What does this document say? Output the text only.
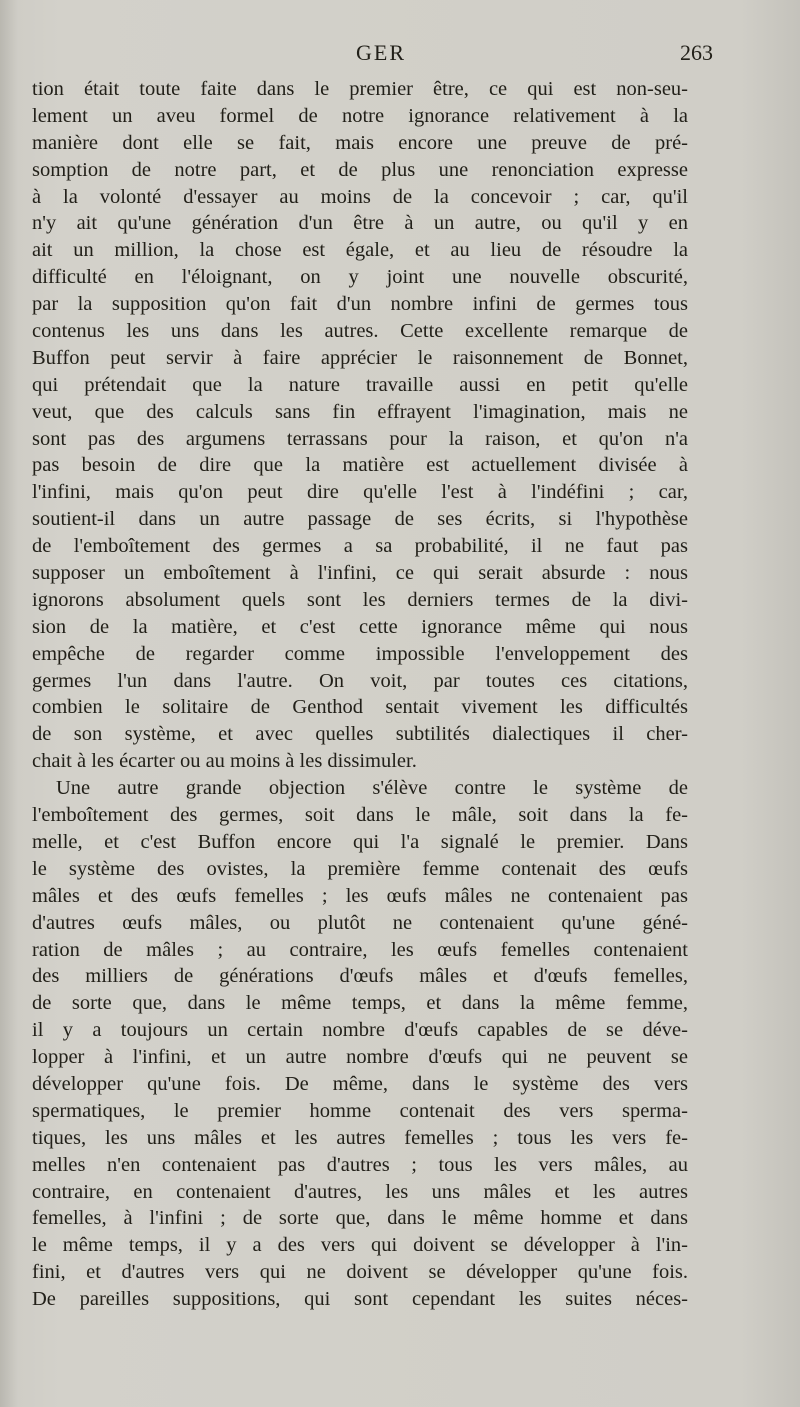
GER	263
tion était toute faite dans le premier être, ce qui est non-seu-
lement un aveu formel de notre ignorance relativement à la
manière dont elle se fait, mais encore une preuve de pré-
somption de notre part, et de plus une renonciation expresse
à la volonté d'essayer au moins de la concevoir ; car, qu'il
n'y ait qu'une génération d'un être à un autre, ou qu'il y en
ait un million, la chose est égale, et au lieu de résoudre la
difficulté en l'éloignant, on y joint une nouvelle obscurité,
par la supposition qu'on fait d'un nombre infini de germes tous
contenus les uns dans les autres. Cette excellente remarque de
Buffon peut servir à faire apprécier le raisonnement de Bonnet,
qui prétendait que la nature travaille aussi en petit qu'elle
veut, que des calculs sans fin effrayent l'imagination, mais ne
sont pas des argumens terrassans pour la raison, et qu'on n'a
pas besoin de dire que la matière est actuellement divisée à
l'infini, mais qu'on peut dire qu'elle l'est à l'indéfini ; car,
soutient-il dans un autre passage de ses écrits, si l'hypothèse
de l'emboîtement des germes a sa probabilité, il ne faut pas
supposer un emboîtement à l'infini, ce qui serait absurde : nous
ignorons absolument quels sont les derniers termes de la divi-
sion de la matière, et c'est cette ignorance même qui nous
empêche de regarder comme impossible l'enveloppement des
germes l'un dans l'autre. On voit, par toutes ces citations,
combien le solitaire de Genthod sentait vivement les difficultés
de son système, et avec quelles subtilités dialectiques il cher-
chait à les écarter ou au moins à les dissimuler.
Une autre grande objection s'élève contre le système de
l'emboîtement des germes, soit dans le mâle, soit dans la fe-
melle, et c'est Buffon encore qui l'a signalé le premier. Dans
le système des ovistes, la première femme contenait des œufs
mâles et des œufs femelles ; les œufs mâles ne contenaient pas
d'autres œufs mâles, ou plutôt ne contenaient qu'une géné-
ration de mâles ; au contraire, les œufs femelles contenaient
des milliers de générations d'œufs mâles et d'œufs femelles,
de sorte que, dans le même temps, et dans la même femme,
il y a toujours un certain nombre d'œufs capables de se déve-
lopper à l'infini, et un autre nombre d'œufs qui ne peuvent se
développer qu'une fois. De même, dans le système des vers
spermatiques, le premier homme contenait des vers sperma-
tiques, les uns mâles et les autres femelles ; tous les vers fe-
melles n'en contenaient pas d'autres ; tous les vers mâles, au
contraire, en contenaient d'autres, les uns mâles et les autres
femelles, à l'infini ; de sorte que, dans le même homme et dans
le même temps, il y a des vers qui doivent se développer à l'in-
fini, et d'autres vers qui ne doivent se développer qu'une fois.
De pareilles suppositions, qui sont cependant les suites néces-
